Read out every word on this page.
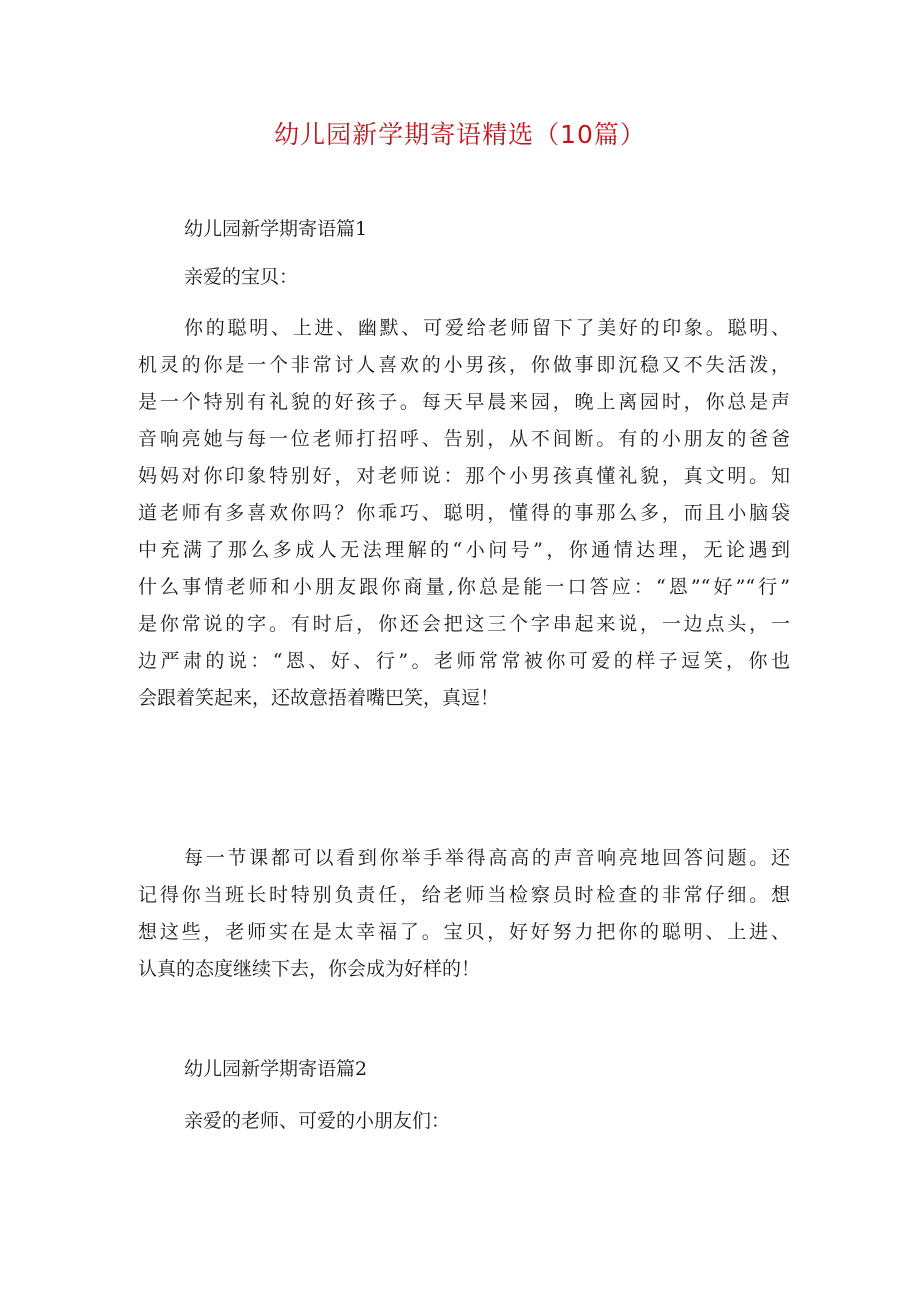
幼儿园新学期寄语精选（10篇）
幼儿园新学期寄语篇1

亲爱的宝贝：

你的聪明、上进、幽默、可爱给老师留下了美好的印象。聪明、
机灵的你是一个非常讨人喜欢的小男孩，你做事即沉稳又不失活泼，
是一个特别有礼貌的好孩子。每天早晨来园，晚上离园时，你总是声
音响亮她与每一位老师打招呼、告别，从不间断。有的小朋友的爸爸
妈妈对你印象特别好，对老师说：那个小男孩真懂礼貌，真文明。知
道老师有多喜欢你吗？你乖巧、聪明，懂得的事那么多，而且小脑袋
中充满了那么多成人无法理解的“小问号”，你通情达理，无论遇到
什么事情老师和小朋友跟你商量,你总是能一口答应：“恩”“好”“行”
是你常说的字。有时后，你还会把这三个字串起来说，一边点头，一
边严肃的说：“恩、好、行”。老师常常被你可爱的样子逗笑，你也
会跟着笑起来，还故意捂着嘴巴笑，真逗！
每一节课都可以看到你举手举得高高的声音响亮地回答问题。还
记得你当班长时特别负责任，给老师当检察员时检查的非常仔细。想
想这些，老师实在是太幸福了。宝贝，好好努力把你的聪明、上进、
认真的态度继续下去，你会成为好样的！
幼儿园新学期寄语篇2

亲爱的老师、可爱的小朋友们：
